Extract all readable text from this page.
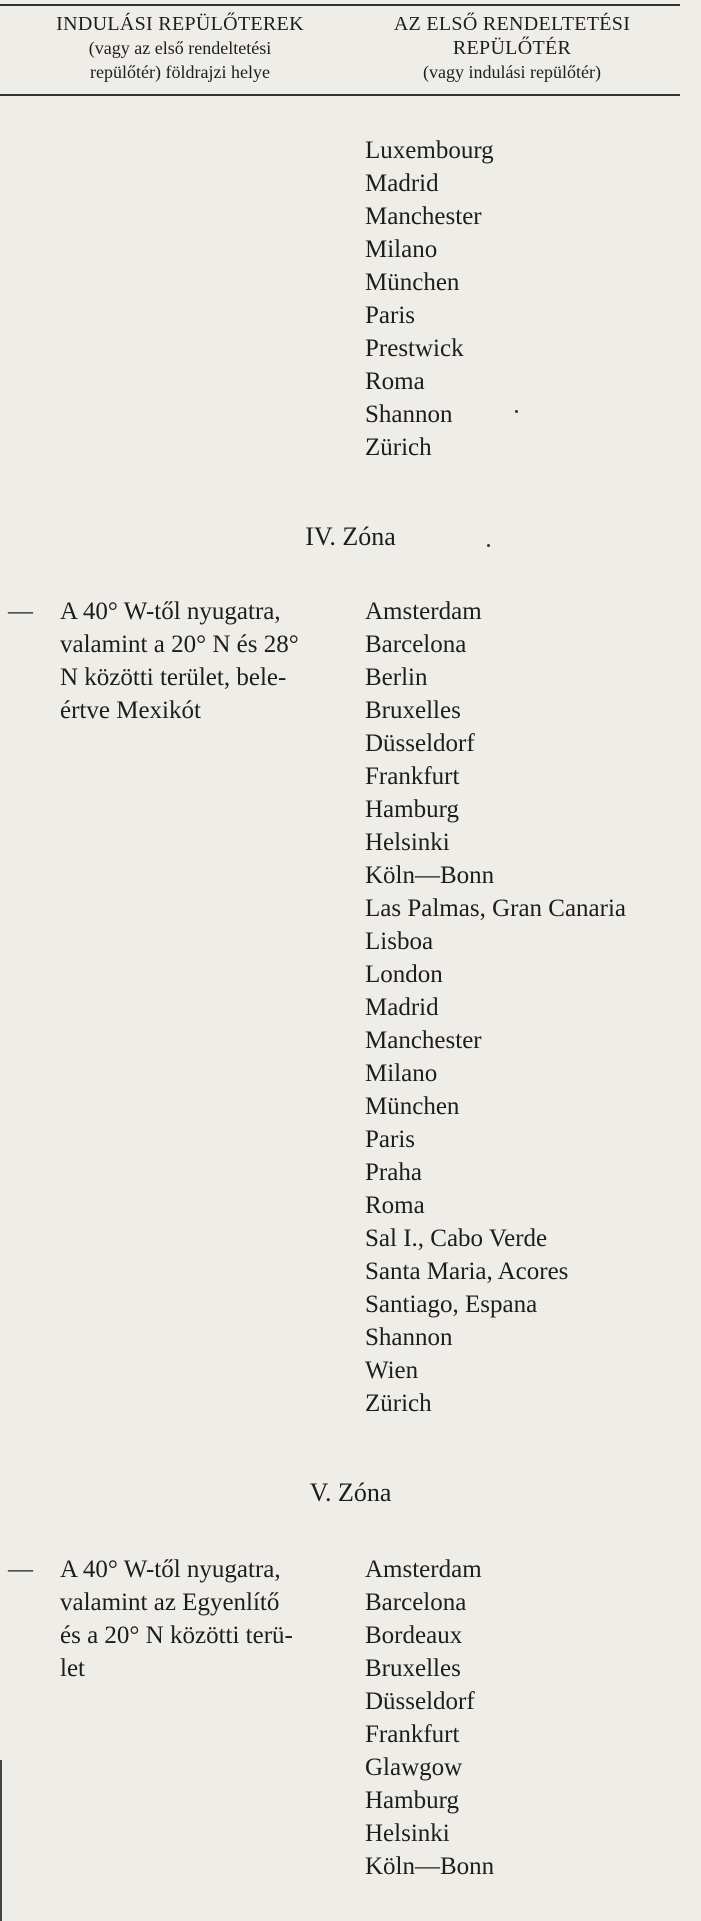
INDULÁSI REPÜLŐTEREK
(vagy az első rendeltetési
repülőtér) földrajzi helye
AZ ELSŐ RENDELTETÉSI
REPÜLŐTÉR
(vagy indulási repülőtér)
Luxembourg
Madrid
Manchester
Milano
München
Paris
Prestwick
Roma
Shannon
Zürich
IV. Zóna
— A 40° W-től nyugatra,
valamint a 20° N és 28°
N közötti terület, bele-
értve Mexikót
Amsterdam
Barcelona
Berlin
Bruxelles
Düsseldorf
Frankfurt
Hamburg
Helsinki
Köln—Bonn
Las Palmas, Gran Canaria
Lisboa
London
Madrid
Manchester
Milano
München
Paris
Praha
Roma
Sal I., Cabo Verde
Santa Maria, Acores
Santiago, Espana
Shannon
Wien
Zürich
V. Zóna
— A 40° W-től nyugatra,
valamint az Egyenlítő
és a 20° N közötti terü-
let
Amsterdam
Barcelona
Bordeaux
Bruxelles
Düsseldorf
Frankfurt
Glawgow
Hamburg
Helsinki
Köln—Bonn
